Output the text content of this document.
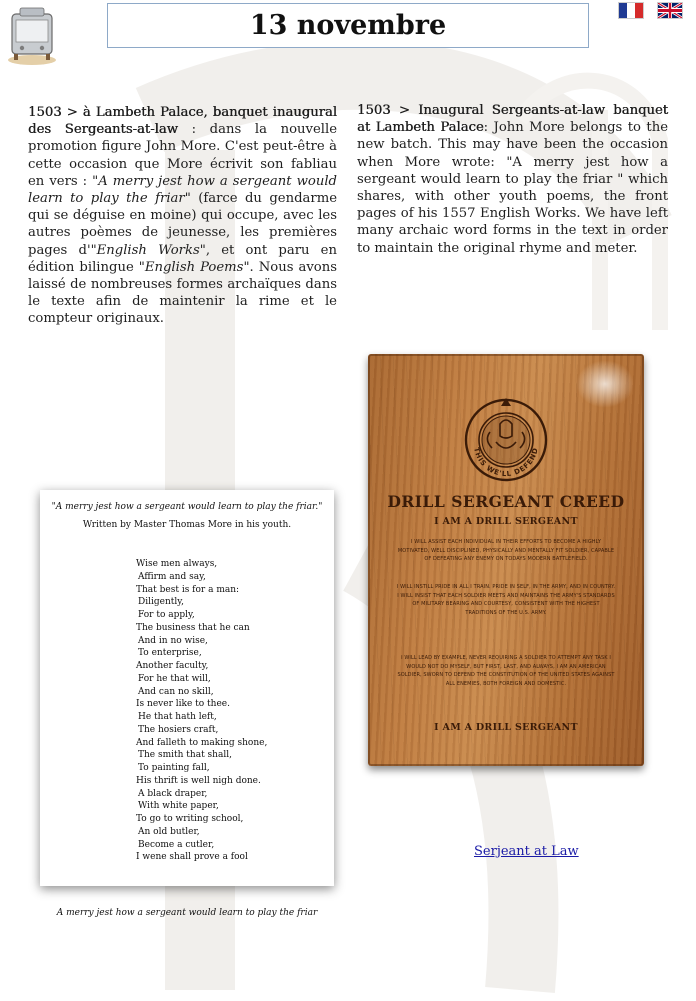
13 novembre
1503 > à Lambeth Palace, banquet inaugural des Sergeants-at-law : dans la nouvelle promotion figure John More. C'est peut-être à cette occasion que More écrivit son fabliau en vers : "A merry jest how a sergeant would learn to play the friar" (farce du gendarme qui se déguise en moine) qui occupe, avec les autres poèmes de jeunesse, les premières pages d'"English Works", et ont paru en édition bilingue "English Poems". Nous avons laissé de nombreuses formes archaïques dans le texte afin de maintenir la rime et le compteur originaux.
1503 > Inaugural Sergeants-at-law banquet at Lambeth Palace: John More belongs to the new batch. This may have been the occasion when More wrote: "A merry jest how a sergeant would learn to play the friar " which shares, with other youth poems, the front pages of his 1557 English Works. We have left many archaic word forms in the text in order to maintain the original rhyme and meter.
"A merry jest how a sergeant would learn to play the friar."
Written by Master Thomas More in his youth.
Wise men always,
Affirm and say,
That best is for a man:
Diligently,
For to apply,
The business that he can
And in no wise,
To enterprise,
Another faculty,
For he that will,
And can no skill,
Is never like to thee.
He that hath left,
The hosiers craft,
And falleth to making shone,
The smith that shall,
To painting fall,
His thrift is well nigh done.
A black draper,
With white paper,
To go to writing school,
An old butler,
Become a cutler,
I wene shall prove a fool
A merry jest how a sergeant would learn to play the friar
THIS WE'LL DEFEND
DRILL SERGEANT CREED
I AM A DRILL SERGEANT
I WILL ASSIST EACH INDIVIDUAL IN THEIR EFFORTS TO BECOME A HIGHLY MOTIVATED, WELL DISCIPLINED, PHYSICALLY AND MENTALLY FIT SOLDIER, CAPABLE OF DEFEATING ANY ENEMY ON TODAYS MODERN BATTLEFIELD.
I WILL INSTILL PRIDE IN ALL I TRAIN. PRIDE IN SELF, IN THE ARMY, AND IN COUNTRY. I WILL INSIST THAT EACH SOLDIER MEETS AND MAINTAINS THE ARMY'S STANDARDS OF MILITARY BEARING AND COURTESY, CONSISTENT WITH THE HIGHEST TRADITIONS OF THE U.S. ARMY.
I WILL LEAD BY EXAMPLE, NEVER REQUIRING A SOLDIER TO ATTEMPT ANY TASK I WOULD NOT DO MYSELF, BUT FIRST, LAST, AND ALWAYS, I AM AN AMERICAN SOLDIER, SWORN TO DEFEND THE CONSTITUTION OF THE UNITED STATES AGAINST ALL ENEMIES, BOTH FOREIGN AND DOMESTIC.
I AM A DRILL SERGEANT
Serjeant at Law
